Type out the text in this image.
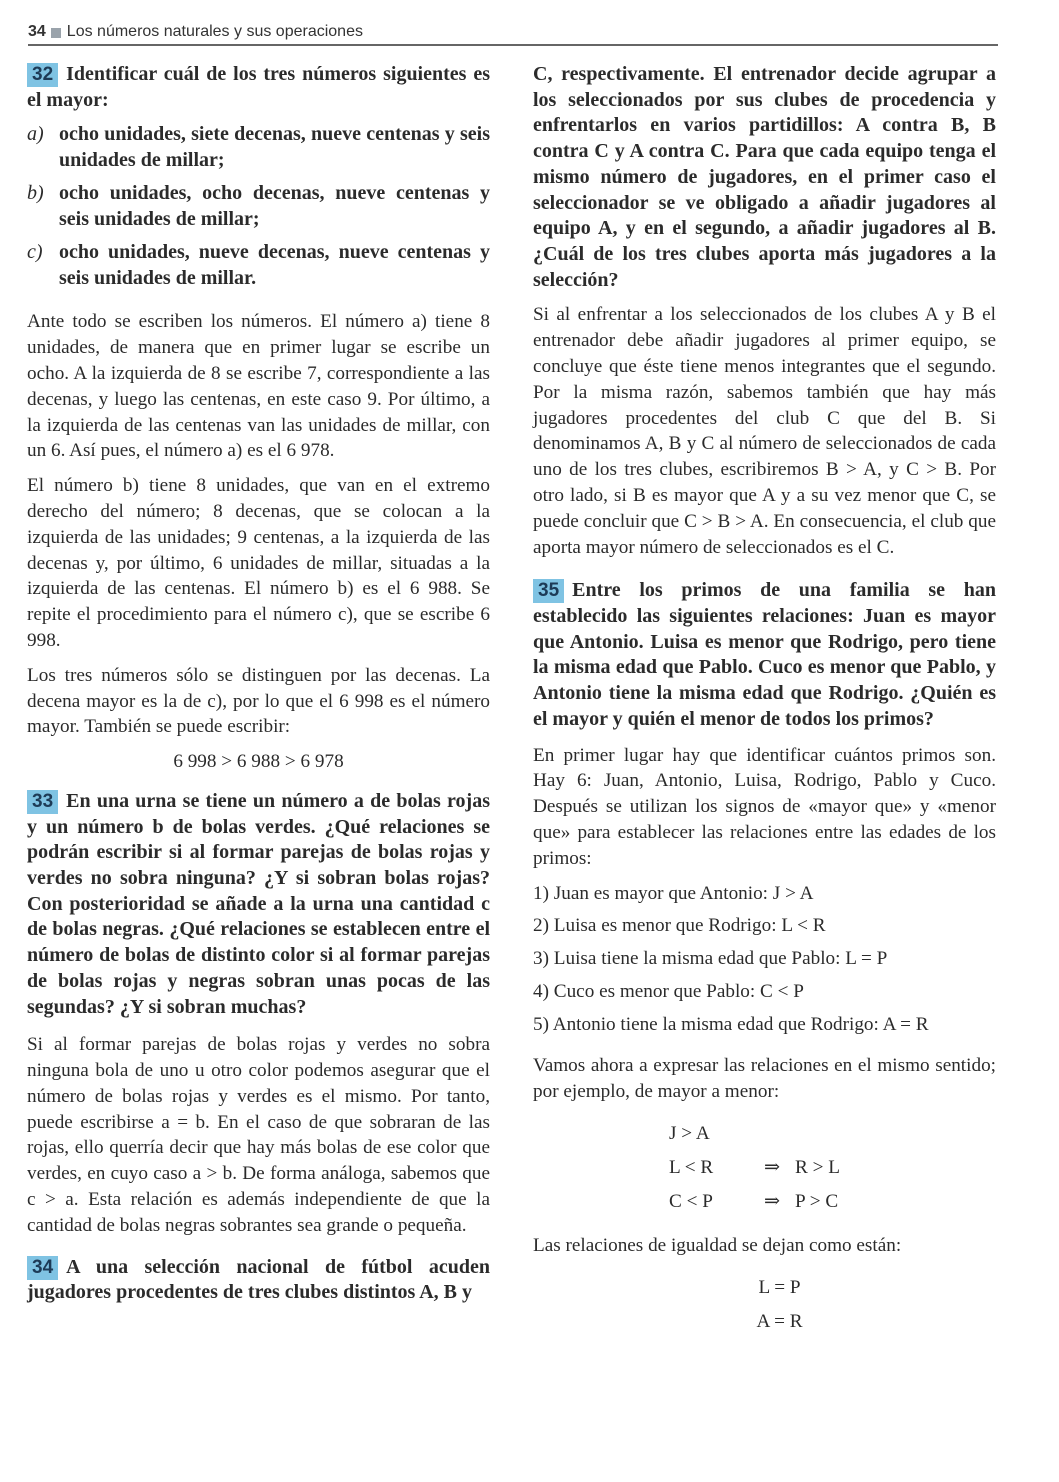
34 Los números naturales y sus operaciones
32 Identificar cuál de los tres números siguientes es el mayor:
a) ocho unidades, siete decenas, nueve centenas y seis unidades de millar;
b) ocho unidades, ocho decenas, nueve centenas y seis unidades de millar;
c) ocho unidades, nueve decenas, nueve centenas y seis unidades de millar.

Ante todo se escriben los números. El número a) tiene 8 unidades, de manera que en primer lugar se escribe un ocho. A la izquierda de 8 se escribe 7, correspondiente a las decenas, y luego las centenas, en este caso 9. Por último, a la izquierda de las centenas van las unidades de millar, con un 6. Así pues, el número a) es el 6 978.

El número b) tiene 8 unidades, que van en el extremo derecho del número; 8 decenas, que se colocan a la izquierda de las unidades; 9 centenas, a la izquierda de las decenas y, por último, 6 unidades de millar, situadas a la izquierda de las centenas. El número b) es el 6 988. Se repite el procedimiento para el número c), que se escribe 6 998.

Los tres números sólo se distinguen por las decenas. La decena mayor es la de c), por lo que el 6 998 es el número mayor. También se puede escribir:

6 998 > 6 988 > 6 978
33 En una urna se tiene un número a de bolas rojas y un número b de bolas verdes. ¿Qué relaciones se podrán escribir si al formar parejas de bolas rojas y verdes no sobra ninguna? ¿Y si sobran bolas rojas? Con posterioridad se añade a la urna una cantidad c de bolas negras. ¿Qué relaciones se establecen entre el número de bolas de distinto color si al formar parejas de bolas rojas y negras sobran unas pocas de las segundas? ¿Y si sobran muchas?

Si al formar parejas de bolas rojas y verdes no sobra ninguna bola de uno u otro color podemos asegurar que el número de bolas rojas y verdes es el mismo. Por tanto, puede escribirse a = b. En el caso de que sobraran de las rojas, ello querría decir que hay más bolas de ese color que verdes, en cuyo caso a > b. De forma análoga, sabemos que c > a. Esta relación es además independiente de que la cantidad de bolas negras sobrantes sea grande o pequeña.

34 A una selección nacional de fútbol acuden jugadores procedentes de tres clubes distintos A, B y
C, respectivamente. El entrenador decide agrupar a los seleccionados por sus clubes de procedencia y enfrentarlos en varios partidillos: A contra B, B contra C y A contra C. Para que cada equipo tenga el mismo número de jugadores, en el primer caso el seleccionador se ve obligado a añadir jugadores al equipo A, y en el segundo, a añadir jugadores al B. ¿Cuál de los tres clubes aporta más jugadores a la selección?

Si al enfrentar a los seleccionados de los clubes A y B el entrenador debe añadir jugadores al primer equipo, se concluye que éste tiene menos integrantes que el segundo. Por la misma razón, sabemos también que hay más jugadores procedentes del club C que del B. Si denominamos A, B y C al número de seleccionados de cada uno de los tres clubes, escribiremos B > A, y C > B. Por otro lado, si B es mayor que A y a su vez menor que C, se puede concluir que C > B > A. En consecuencia, el club que aporta mayor número de seleccionados es el C.

35 Entre los primos de una familia se han establecido las siguientes relaciones: Juan es mayor que Antonio. Luisa es menor que Rodrigo, pero tiene la misma edad que Pablo. Cuco es menor que Pablo, y Antonio tiene la misma edad que Rodrigo. ¿Quién es el mayor y quién el menor de todos los primos?

En primer lugar hay que identificar cuántos primos son. Hay 6: Juan, Antonio, Luisa, Rodrigo, Pablo y Cuco. Después se utilizan los signos de «mayor que» y «menor que» para establecer las relaciones entre las edades de los primos:

1) Juan es mayor que Antonio: J > A
2) Luisa es menor que Rodrigo: L < R
3) Luisa tiene la misma edad que Pablo: L = P
4) Cuco es menor que Pablo: C < P
5) Antonio tiene la misma edad que Rodrigo: A = R

Vamos ahora a expresar las relaciones en el mismo sentido; por ejemplo, de mayor a menor:

J > A
L < R	⇒ R > L
C < P	⇒ P > C

Las relaciones de igualdad se dejan como están:

L = P
A = R
